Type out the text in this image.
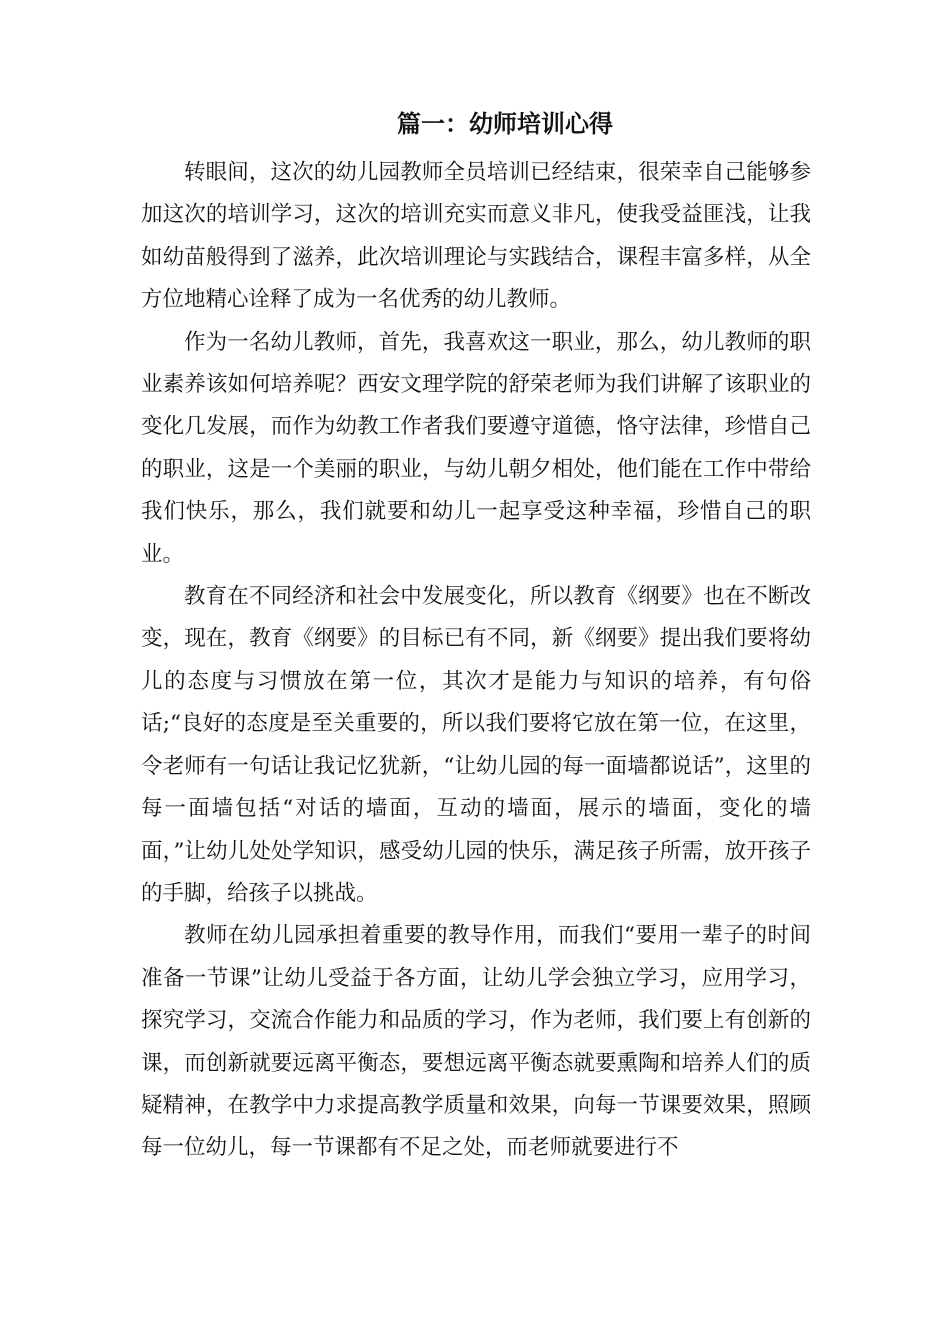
篇一：幼师培训心得

转眼间，这次的幼儿园教师全员培训已经结束，很荣幸自己能够参加这次的培训学习，这次的培训充实而意义非凡，使我受益匪浅，让我如幼苗般得到了滋养，此次培训理论与实践结合，课程丰富多样，从全方位地精心诠释了成为一名优秀的幼儿教师。

作为一名幼儿教师，首先，我喜欢这一职业，那么，幼儿教师的职业素养该如何培养呢？西安文理学院的舒荣老师为我们讲解了该职业的变化几发展，而作为幼教工作者我们要遵守道德，恪守法律，珍惜自己的职业，这是一个美丽的职业，与幼儿朝夕相处，他们能在工作中带给我们快乐，那么，我们就要和幼儿一起享受这种幸福，珍惜自己的职业。

教育在不同经济和社会中发展变化，所以教育《纲要》也在不断改变，现在，教育《纲要》的目标已有不同，新《纲要》提出我们要将幼儿的态度与习惯放在第一位，其次才是能力与知识的培养，有句俗话;“良好的态度是至关重要的，所以我们要将它放在第一位，在这里，令老师有一句话让我记忆犹新，“让幼儿园的每一面墙都说话”，这里的每一面墙包括“对话的墙面，互动的墙面，展示的墙面，变化的墙面，”让幼儿处处学知识，感受幼儿园的快乐，满足孩子所需，放开孩子的手脚，给孩子以挑战。

教师在幼儿园承担着重要的教导作用，而我们“要用一辈子的时间准备一节课”让幼儿受益于各方面，让幼儿学会独立学习，应用学习，探究学习，交流合作能力和品质的学习，作为老师，我们要上有创新的课，而创新就要远离平衡态，要想远离平衡态就要熏陶和培养人们的质疑精神，在教学中力求提高教学质量和效果，向每一节课要效果，照顾每一位幼儿，每一节课都有不足之处，而老师就要进行不
